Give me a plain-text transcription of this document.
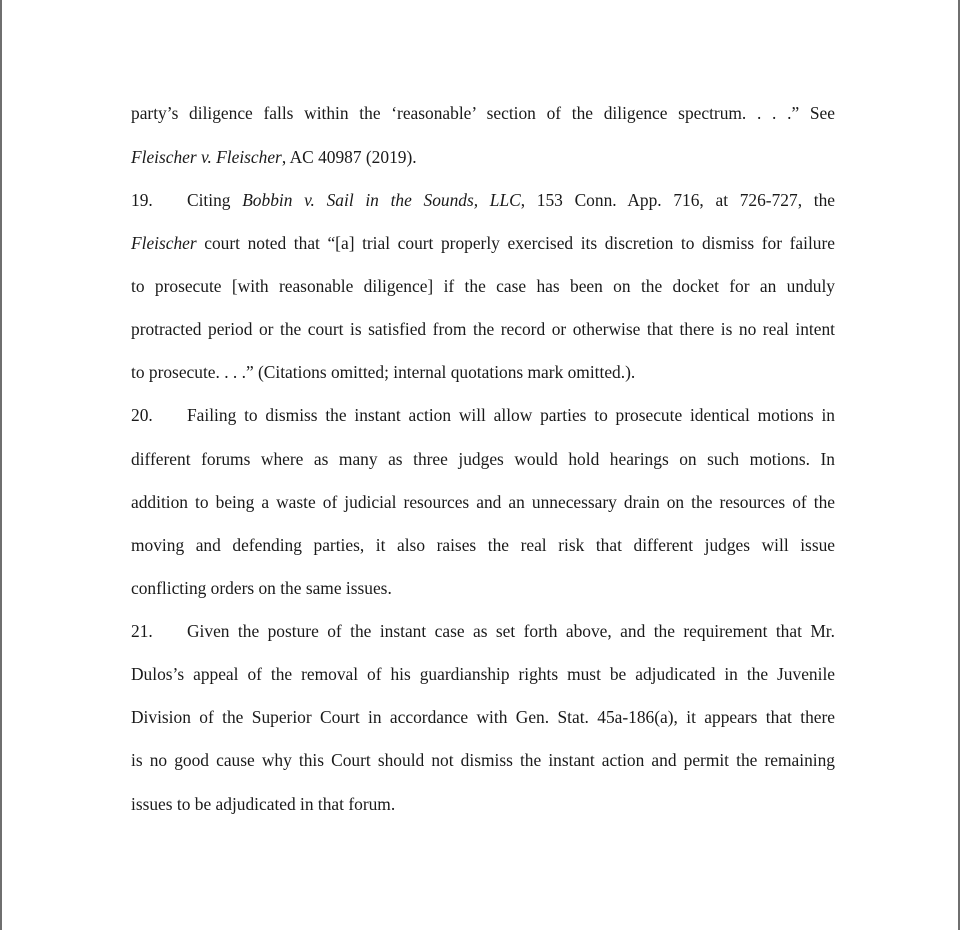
party’s diligence falls within the ‘reasonable’ section of the diligence spectrum. . . .” See
Fleischer v. Fleischer, AC 40987 (2019).
19. Citing Bobbin v. Sail in the Sounds, LLC, 153 Conn. App. 716, at 726-727, the
Fleischer court noted that “[a] trial court properly exercised its discretion to dismiss for failure
to prosecute [with reasonable diligence] if the case has been on the docket for an unduly
protracted period or the court is satisfied from the record or otherwise that there is no real intent
to prosecute. . . .” (Citations omitted; internal quotations mark omitted.).
20. Failing to dismiss the instant action will allow parties to prosecute identical motions in
different forums where as many as three judges would hold hearings on such motions. In
addition to being a waste of judicial resources and an unnecessary drain on the resources of the
moving and defending parties, it also raises the real risk that different judges will issue
conflicting orders on the same issues.
21. Given the posture of the instant case as set forth above, and the requirement that Mr.
Dulos’s appeal of the removal of his guardianship rights must be adjudicated in the Juvenile
Division of the Superior Court in accordance with Gen. Stat. 45a-186(a), it appears that there
is no good cause why this Court should not dismiss the instant action and permit the remaining
issues to be adjudicated in that forum.
